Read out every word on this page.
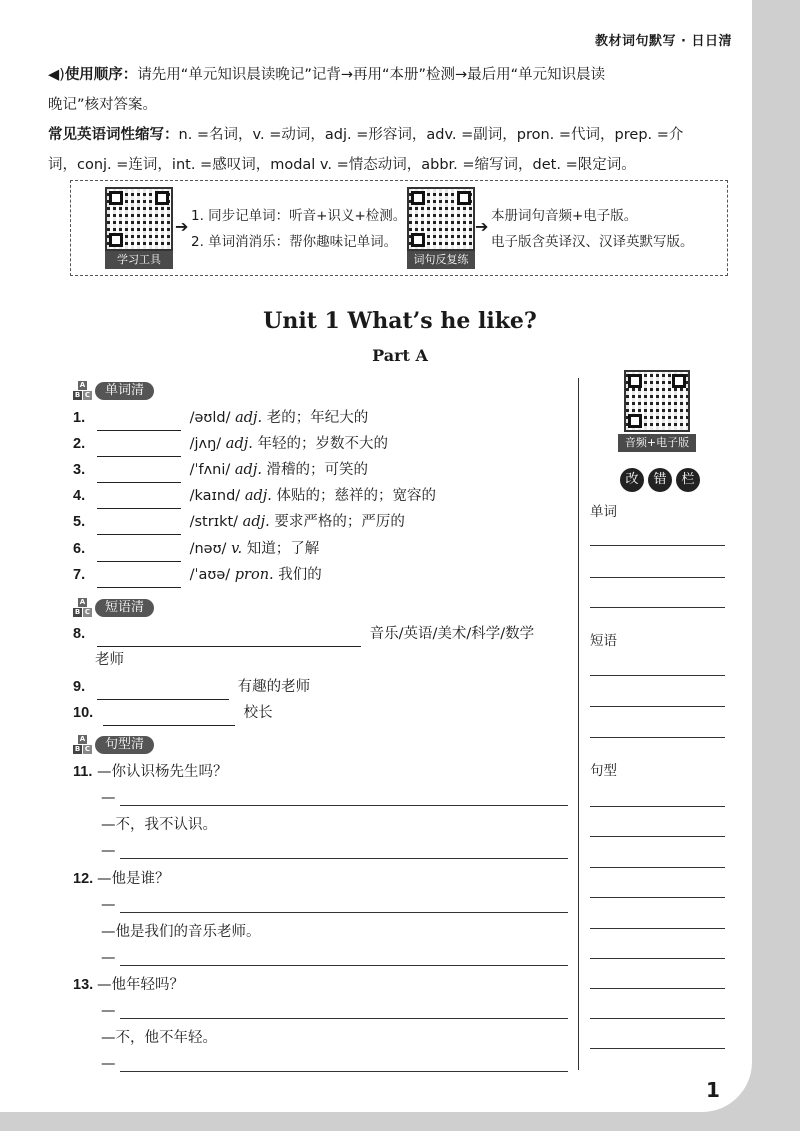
教材词句默写 · 日日清
◀)使用顺序：请先用“单元知识晨读晚记”记背→再用“本册”检测→最后用“单元知识晨读
晚记”核对答案。
常见英语词性缩写：n. =名词，v. =动词，adj. =形容词，adv. =副词，pron. =代词，prep. =介
词，conj. =连词，int. =感叹词，modal v. =情态动词，abbr. =缩写词，det. =限定词。
学习工具
➔
1. 同步记单词：听音+识义+检测。
2. 单词消消乐：帮你趣味记单词。
词句反复练
➔
本册词句音频+电子版。
电子版含英译汉、汉译英默写版。
Unit 1 What’s he like?
Part A
A
B C	单词清
1.	/əʊld/ adj. 老的；年纪大的
2.	/jʌŋ/ adj. 年轻的；岁数不大的
3.	/ˈfʌni/ adj. 滑稽的；可笑的
4.	/kaɪnd/ adj. 体贴的；慈祥的；宽容的
5.	/strɪkt/ adj. 要求严格的；严厉的
6.	/nəʊ/ v. 知道；了解
7.	/ˈaʊə/ pron. 我们的
A
B C	短语清
8.	音乐/英语/美术/科学/数学
老师
9.	有趣的老师
10.	校长
A
B C	句型清
11. —你认识杨先生吗？
—
—不，我不认识。
—
12. —他是谁？
—
—他是我们的音乐老师。
—
13. —他年轻吗？
—
—不，他不年轻。
—
音频+电子版
改	错	栏
单词
短语
句型
1
